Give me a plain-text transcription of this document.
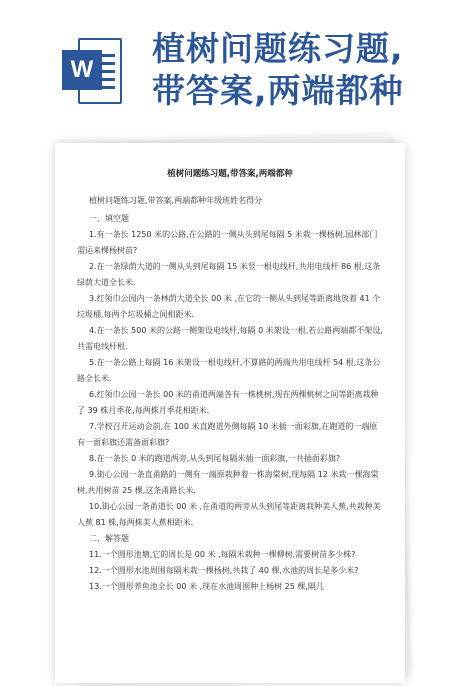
W
植树问题练习题,
带答案,两端都种
植树问题练习题,带答案,两端都种

植树问题练习题,带答案,两端都种年级班姓名得分

一、填空题

1.有一条长 1250 米的公路,在公路的一侧从头到尾每隔 5 米栽一棵杨树,园林部门需运来棵杨树苗?

2.在一条绿荫大道的一侧从头到尾每隔 15 米竖一根电线杆,共用电线杆 86 根,这条绿荫大道全长米.

3.红领巾公园内一条林荫大道全长 00 米 ,在它的一侧从头到尾等距离地放着 41 个垃圾桶,每两个垃圾桶之间相距米.

4.在一条长 500 米的公路一侧架设电线杆,每隔 0 米架设一根,若公路两端都不架设,共需电线杆根.

5.在一条公路上每隔 16 米架设一根电线杆,不算路的两端共用电线杆 54 根,这条公路全长米.

6.红领巾公园一条长 00 米的甬道两端各有一株桃树,现在两棵桃树之间等距离栽种了 39 株月季花,每两株月季花相距米.

7.学校召开运动会前,在 100 米直跑道外侧每隔 10 米插一面彩旗,在跑道的一端原有一面彩旗还需备面彩旗?

8.在一条长 0 米的跑道两旁,从头到尾每隔米插一面彩旗,一共插面彩旗?

9.街心公园一条直甬路的一侧有一端原栽种着一株海棠树,现每隔 12 米栽一棵海棠树,共用树苗 25 棵,这条甬路长米.

10.街心公园一条甬道长 00 米 ,在甬道的两旁从头到尾等距离栽种美人蕉,共栽种美人蕉 81 株,每两株美人蕉相距米.

二、解答题

11.一个圆形池塘,它的周长是 00 米 ,每隔米栽种一棵柳树,需要树苗多少株?

12.一个圆形水池周围每隔米栽一棵杨树,共栽了 40 棵,水池的周长是多少米?

13.一个圆形养鱼池全长 00 米 ,现在水池周围种上杨树 25 棵,隔几
